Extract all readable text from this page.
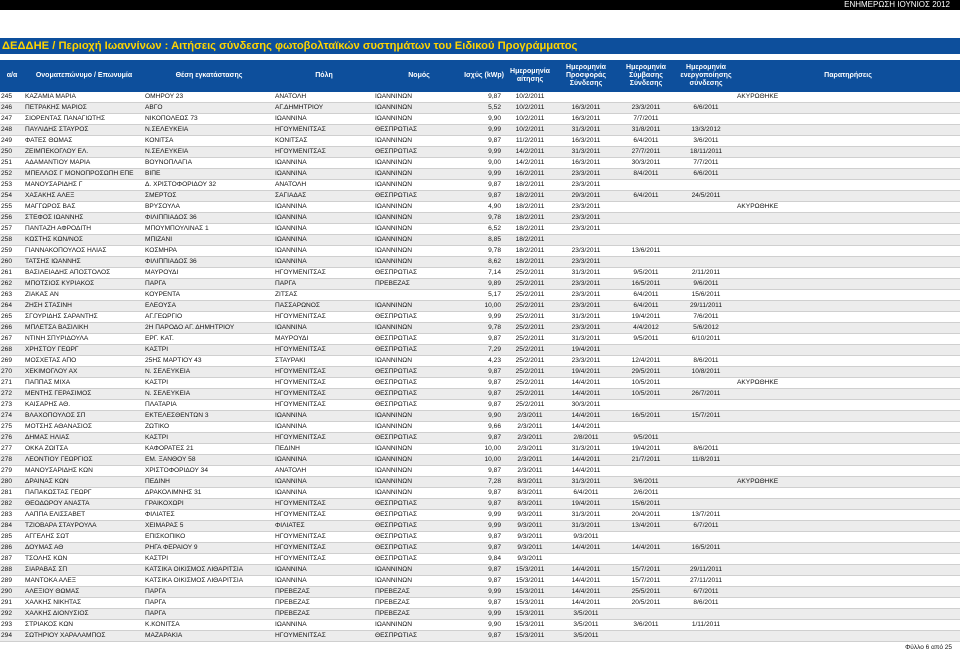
ΕΝΗΜΕΡΩΣΗ ΙΟΥΝΙΟΣ 2012
ΔΕΔΔΗΕ / Περιοχή Ιωαννίνων : Αιτήσεις σύνδεσης φωτοβολταϊκών συστημάτων του Ειδικού Προγράμματος
α/α	Ονοματεπώνυμο / Επωνυμία	Θέση εγκατάστασης	Πόλη	Νομός	Ισχύς (kWp)	Ημερομηνία αίτησης	Ημερομηνία Προσφοράς Σύνδεσης	Ημερομηνία Σύμβασης Σύνδεσης	Ημερομηνία ενεργοποίησης σύνδεσης	Παρατηρήσεις
245	ΚΑΖΑΜΙΑ ΜΑΡΙΑ	ΟΜΗΡΟΥ 23	ΑΝΑΤΟΛΗ	ΙΩΑΝΝΙΝΩΝ	9,87	10/2/2011				ΑΚΥΡΩΘΗΚΕ
246	ΠΕΤΡΑΚΗΣ ΜΑΡΙΟΣ	ΑΒΓΟ	ΑΓ.ΔΗΜΗΤΡΙΟΥ	ΙΩΑΝΝΙΝΩΝ	5,52	10/2/2011	16/3/2011	23/3/2011	6/6/2011	
247	ΣΙΟΡΕΝΤΑΣ ΠΑΝΑΓΙΩΤΗΣ	ΝΙΚΟΠΟΛΕΩΣ 73	ΙΩΑΝΝΙΝΑ	ΙΩΑΝΝΙΝΩΝ	9,90	10/2/2011	16/3/2011	7/7/2011		
248	ΠΑΥΛΙΔΗΣ ΣΤΑΥΡΟΣ	Ν.ΣΕΛΕΥΚΕΙΑ	ΗΓΟΥΜΕΝΙΤΣΑΣ	ΘΕΣΠΡΩΤΙΑΣ	9,99	10/2/2011	31/3/2011	31/8/2011	13/3/2012	
249	ΦΑΤΕΣ ΘΩΜΑΣ	ΚΟΝΙΤΣΑ	ΚΟΝΙΤΣΑΣ	ΙΩΑΝΝΙΝΩΝ	9,87	11/2/2011	16/3/2011	6/4/2011	3/6/2011	
250	ΖΕΙΜΠΕΚΟΓΛΟΥ ΕΛ.	Ν.ΣΕΛΕΥΚΕΙΑ	ΗΓΟΥΜΕΝΙΤΣΑΣ	ΘΕΣΠΡΩΤΙΑΣ	9,99	14/2/2011	31/3/2011	27/7/2011	18/11/2011	
251	ΑΔΑΜΑΝΤΙΟΥ ΜΑΡΙΑ	ΒΟΥΝΟΠΛΑΓΙΑ	ΙΩΑΝΝΙΝΑ	ΙΩΑΝΝΙΝΩΝ	9,00	14/2/2011	16/3/2011	30/3/2011	7/7/2011	
252	ΜΠΕΛΛΟΣ Γ ΜΟΝΟΠΡΟΣΩΠΗ ΕΠΕ	ΒΙΠΕ	ΙΩΑΝΝΙΝΑ	ΙΩΑΝΝΙΝΩΝ	9,99	16/2/2011	23/3/2011	8/4/2011	6/6/2011	
253	ΜΑΝΟΥΣΑΡΙΔΗΣ Γ	Δ. ΧΡΙΣΤΟΦΟΡΙΔΟΥ 32	ΑΝΑΤΟΛΗ	ΙΩΑΝΝΙΝΩΝ	9,87	18/2/2011	23/3/2011			
254	ΧΑΣΑΚΗΣ ΑΛΕΞ	ΣΜΕΡΤΟΣ	ΣΑΓΙΑΔΑΣ	ΘΕΣΠΡΩΤΙΑΣ	9,87	18/2/2011	29/3/2011	6/4/2011	24/5/2011	
255	ΜΑΓΓΩΡΟΣ ΒΑΣ	ΒΡΥΣΟΥΛΑ	ΙΩΑΝΝΙΝΑ	ΙΩΑΝΝΙΝΩΝ	4,90	18/2/2011	23/3/2011			ΑΚΥΡΩΘΗΚΕ
256	ΣΤΕΦΟΣ ΙΩΑΝΝΗΣ	ΦΙΛΙΠΠΙΑΔΟΣ 36	ΙΩΑΝΝΙΝΑ	ΙΩΑΝΝΙΝΩΝ	9,78	18/2/2011	23/3/2011			
257	ΠΑΝΤΑΖΗ ΑΦΡΟΔΙΤΗ	ΜΠΟΥΜΠΟΥΛΙΝΑΣ 1	ΙΩΑΝΝΙΝΑ	ΙΩΑΝΝΙΝΩΝ	6,52	18/2/2011	23/3/2011			
258	ΚΩΣΤΗΣ ΚΩΝ/ΝΟΣ	ΜΠΙΖΑΝΙ	ΙΩΑΝΝΙΝΑ	ΙΩΑΝΝΙΝΩΝ	8,85	18/2/2011				
259	ΓΙΑΝΝΑΚΟΠΟΥΛΟΣ ΗΛΙΑΣ	ΚΟΣΜΗΡΑ	ΙΩΑΝΝΙΝΑ	ΙΩΑΝΝΙΝΩΝ	9,78	18/2/2011	23/3/2011	13/6/2011		
260	ΤΑΤΣΗΣ ΙΩΑΝΝΗΣ	ΦΙΛΙΠΠΙΑΔΟΣ 36	ΙΩΑΝΝΙΝΑ	ΙΩΑΝΝΙΝΩΝ	8,62	18/2/2011	23/3/2011			
261	ΒΑΣΙΛΕΙΑΔΗΣ ΑΠΟΣΤΟΛΟΣ	ΜΑΥΡΟΥΔΙ	ΗΓΟΥΜΕΝΙΤΣΑΣ	ΘΕΣΠΡΩΤΙΑΣ	7,14	25/2/2011	31/3/2011	9/5/2011	2/11/2011	
262	ΜΠΟΤΣΙΟΣ ΚΥΡΙΑΚΟΣ	ΠΑΡΓΑ	ΠΑΡΓΑ	ΠΡΕΒΕΖΑΣ	9,89	25/2/2011	23/3/2011	16/5/2011	9/6/2011	
263	ΖΙΑΚΑΣ ΑΝ	ΚΟΥΡΕΝΤΑ	ΖΙΤΣΑΣ		5,17	25/2/2011	23/3/2011	6/4/2011	15/6/2011	
264	ΖΗΣΗ ΣΤΑΣΙΝΗ	ΕΛΕΟΥΣΑ	ΠΑΣΣΑΡΩΝΟΣ	ΙΩΑΝΝΙΝΩΝ	10,00	25/2/2011	23/3/2011	6/4/2011	29/11/2011	
265	ΣΓΟΥΡΙΔΗΣ ΣΑΡΑΝΤΗΣ	ΑΓ.ΓΕΩΡΓΙΟ	ΗΓΟΥΜΕΝΙΤΣΑΣ	ΘΕΣΠΡΩΤΙΑΣ	9,99	25/2/2011	31/3/2011	19/4/2011	7/6/2011	
266	ΜΠΛΕΤΣΑ ΒΑΣΙΛΙΚΗ	2Η ΠΑΡΟΔΟ ΑΓ. ΔΗΜΗΤΡΙΟΥ	ΙΩΑΝΝΙΝΑ	ΙΩΑΝΝΙΝΩΝ	9,78	25/2/2011	23/3/2011	4/4/2012	5/6/2012	
267	ΝΤΙΝΗ ΣΠΥΡΙΔΟΥΛΑ	ΕΡΓ. ΚΑΤ.	ΜΑΥΡΟΥΔΙ	ΘΕΣΠΡΩΤΙΑΣ	9,87	25/2/2011	31/3/2011	9/5/2011	6/10/2011	
268	ΧΡΗΣΤΟΥ ΓΕΩΡΓ	ΚΑΣΤΡΙ	ΗΓΟΥΜΕΝΙΤΣΑΣ	ΘΕΣΠΡΩΤΙΑΣ	7,29	25/2/2011	19/4/2011			
269	ΜΟΣΧΕΤΑΣ ΑΠΟ	25ΗΣ ΜΑΡΤΙΟΥ 43	ΣΤΑΥΡΑΚΙ	ΙΩΑΝΝΙΝΩΝ	4,23	25/2/2011	23/3/2011	12/4/2011	8/6/2011	
270	ΧΕΚΙΜΟΓΛΟΥ ΑΧ	Ν. ΣΕΛΕΥΚΕΙΑ	ΗΓΟΥΜΕΝΙΤΣΑΣ	ΘΕΣΠΡΩΤΙΑΣ	9,87	25/2/2011	19/4/2011	29/5/2011	10/8/2011	
271	ΠΑΠΠΑΣ ΜΙΧΑ	ΚΑΣΤΡΙ	ΗΓΟΥΜΕΝΙΤΣΑΣ	ΘΕΣΠΡΩΤΙΑΣ	9,87	25/2/2011	14/4/2011	10/5/2011		ΑΚΥΡΩΘΗΚΕ
272	ΜΕΝΤΗΣ ΓΕΡΑΣΙΜΟΣ	Ν. ΣΕΛΕΥΚΕΙΑ	ΗΓΟΥΜΕΝΙΤΣΑΣ	ΘΕΣΠΡΩΤΙΑΣ	9,87	25/2/2011	14/4/2011	10/5/2011	26/7/2011	
273	ΚΑΙΣΑΡΗΣ ΑΘ.	ΠΛΑΤΑΡΙΑ	ΗΓΟΥΜΕΝΙΤΣΑΣ	ΘΕΣΠΡΩΤΙΑΣ	9,87	25/2/2011	30/3/2011			
274	ΒΛΑΧΟΠΟΥΛΟΣ ΣΠ	ΕΚΤΕΛΕΣΘΕΝΤΩΝ 3	ΙΩΑΝΝΙΝΑ	ΙΩΑΝΝΙΝΩΝ	9,90	2/3/2011	14/4/2011	16/5/2011	15/7/2011	
275	ΜΟΤΣΗΣ ΑΘΑΝΑΣΙΟΣ	ΖΩΤΙΚΟ	ΙΩΑΝΝΙΝΑ	ΙΩΑΝΝΙΝΩΝ	9,66	2/3/2011	14/4/2011			
276	ΔΗΜΑΣ ΗΛΙΑΣ	ΚΑΣΤΡΙ	ΗΓΟΥΜΕΝΙΤΣΑΣ	ΘΕΣΠΡΩΤΙΑΣ	9,87	2/3/2011	2/8/2011	9/5/2011		
277	ΟΚΚΑ ΖΩΙΤΣΑ	ΚΑΦΟΡΑΤΕΣ 21	ΠΕΔΙΝΗ	ΙΩΑΝΝΙΝΩΝ	10,00	2/3/2011	31/3/2011	19/4/2011	8/6/2011	
278	ΛΕΟΝΤΙΟΥ ΓΕΩΡΓΙΟΣ	ΕΜ. ΞΑΝΘΟΥ 58	ΙΩΑΝΝΙΝΑ	ΙΩΑΝΝΙΝΩΝ	10,00	2/3/2011	14/4/2011	21/7/2011	11/8/2011	
279	ΜΑΝΟΥΣΑΡΙΔΗΣ ΚΩΝ	ΧΡΙΣΤΟΦΟΡΙΔΟΥ 34	ΑΝΑΤΟΛΗ	ΙΩΑΝΝΙΝΩΝ	9,87	2/3/2011	14/4/2011			
280	ΔΡΑΙΝΑΣ ΚΩΝ	ΠΕΔΙΝΗ	ΙΩΑΝΝΙΝΑ	ΙΩΑΝΝΙΝΩΝ	7,28	8/3/2011	31/3/2011	3/6/2011		ΑΚΥΡΩΘΗΚΕ
281	ΠΑΠΑΚΩΣΤΑΣ ΓΕΩΡΓ	ΔΡΑΚΟΛΙΜΝΗΣ 31	ΙΩΑΝΝΙΝΑ	ΙΩΑΝΝΙΝΩΝ	9,87	8/3/2011	6/4/2011	2/6/2011		
282	ΘΕΟΔΩΡΟΥ ΑΝΑΣΤΑ	ΓΡΑΙΚΟΧΩΡΙ	ΗΓΟΥΜΕΝΙΤΣΑΣ	ΘΕΣΠΡΩΤΙΑΣ	9,87	8/3/2011	19/4/2011	15/6/2011		
283	ΛΑΠΠΑ ΕΛΙΣΣΑΒΕΤ	ΦΙΛΙΑΤΕΣ	ΗΓΟΥΜΕΝΙΤΣΑΣ	ΘΕΣΠΡΩΤΙΑΣ	9,99	9/3/2011	31/3/2011	20/4/2011	13/7/2011	
284	ΤΖΙΟΒΑΡΑ ΣΤΑΥΡΟΥΛΑ	ΧΕΙΜΑΡΑΣ 5	ΦΙΛΙΑΤΕΣ	ΘΕΣΠΡΩΤΙΑΣ	9,99	9/3/2011	31/3/2011	13/4/2011	6/7/2011	
285	ΑΓΓΕΛΗΣ ΣΩΤ	ΕΠΙΣΚΟΠΙΚΟ	ΗΓΟΥΜΕΝΙΤΣΑΣ	ΘΕΣΠΡΩΤΙΑΣ	9,87	9/3/2011	9/3/2011			
286	ΔΟΥΜΑΣ ΑΘ	ΡΗΓΑ ΦΕΡΑΙΟΥ 9	ΗΓΟΥΜΕΝΙΤΣΑΣ	ΘΕΣΠΡΩΤΙΑΣ	9,87	9/3/2011	14/4/2011	14/4/2011	16/5/2011	
287	ΤΣΟΛΗΣ ΚΩΝ	ΚΑΣΤΡΙ	ΗΓΟΥΜΕΝΙΤΣΑΣ	ΘΕΣΠΡΩΤΙΑΣ	9,84	9/3/2011				
288	ΣΙΑΡΑΒΑΣ ΣΠ	ΚΑΤΣΙΚΑ ΟΙΚΙΣΜΟΣ ΛΙΘΑΡΙΤΣΙΑ	ΙΩΑΝΝΙΝΑ	ΙΩΑΝΝΙΝΩΝ	9,87	15/3/2011	14/4/2011	15/7/2011	29/11/2011	
289	ΜΑΝΤΟΚΑ ΑΛΕΞ	ΚΑΤΣΙΚΑ ΟΙΚΙΣΜΟΣ ΛΙΘΑΡΙΤΣΙΑ	ΙΩΑΝΝΙΝΑ	ΙΩΑΝΝΙΝΩΝ	9,87	15/3/2011	14/4/2011	15/7/2011	27/11/2011	
290	ΑΛΕΞΙΟΥ ΘΩΜΑΣ	ΠΑΡΓΑ	ΠΡΕΒΕΖΑΣ	ΠΡΕΒΕΖΑΣ	9,99	15/3/2011	14/4/2011	25/5/2011	6/7/2011	
291	ΧΑΛΚΗΣ ΝΙΚΗΤΑΣ	ΠΑΡΓΑ	ΠΡΕΒΕΖΑΣ	ΠΡΕΒΕΖΑΣ	9,87	15/3/2011	14/4/2011	20/5/2011	8/6/2011	
292	ΧΑΛΚΗΣ ΔΙΟΝΥΣΙΟΣ	ΠΑΡΓΑ	ΠΡΕΒΕΖΑΣ	ΠΡΕΒΕΖΑΣ	9,99	15/3/2011	3/5/2011			
293	ΣΤΡΙΑΚΟΣ ΚΩΝ	Κ.ΚΟΝΙΤΣΑ	ΙΩΑΝΝΙΝΑ	ΙΩΑΝΝΙΝΩΝ	9,90	15/3/2011	3/5/2011	3/6/2011	1/11/2011	
294	ΣΩΤΗΡΙΟΥ ΧΑΡΑΛΑΜΠΟΣ	ΜΑΖΑΡΑΚΙΑ	ΗΓΟΥΜΕΝΙΤΣΑΣ	ΘΕΣΠΡΩΤΙΑΣ	9,87	15/3/2011	3/5/2011			
Φύλλο 6 από 25
